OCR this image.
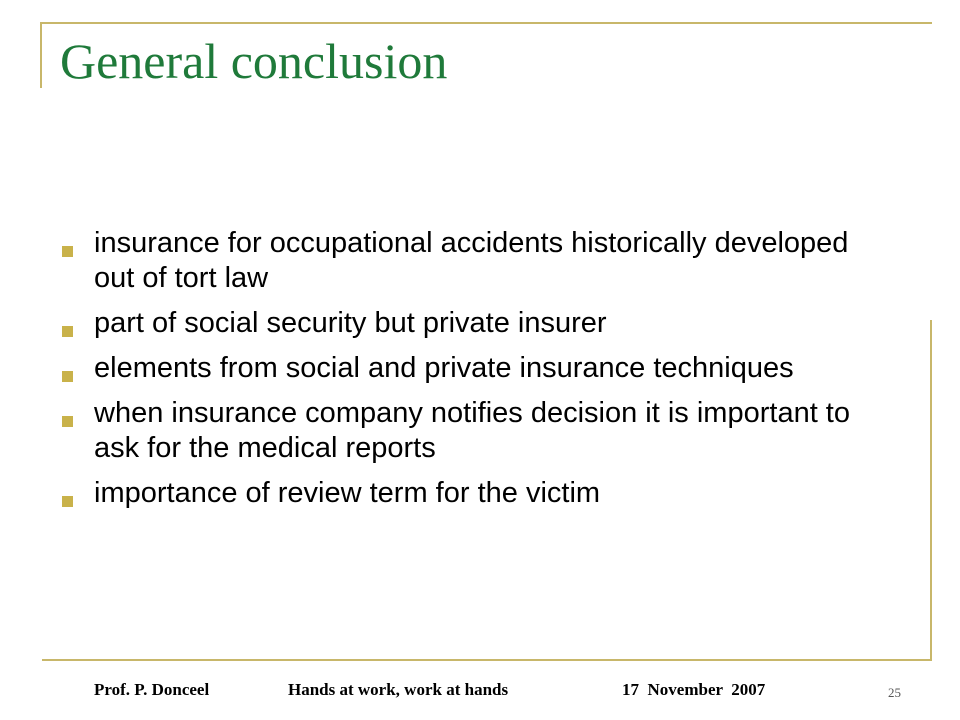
General conclusion
insurance for occupational accidents historically developed out of tort law
part of social security but private insurer
elements from social and private insurance techniques
when insurance company notifies decision it is important to ask for the medical reports
importance of review term for the victim
Prof. P. Donceel	Hands at work, work at hands	17  November  2007	25
